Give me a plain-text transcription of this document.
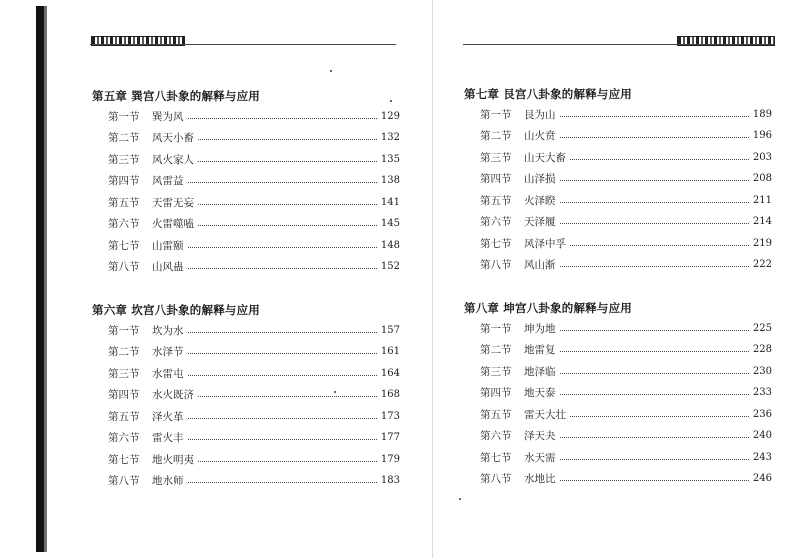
第五章 巽宫八卦象的解释与应用
第一节	巽为风	129
第二节	风天小畜	132
第三节	风火家人	135
第四节	风雷益	138
第五节	天雷无妄	141
第六节	火雷噬嗑	145
第七节	山雷颐	148
第八节	山风蛊	152
第六章 坎宫八卦象的解释与应用
第一节	坎为水	157
第二节	水泽节	161
第三节	水雷屯	164
第四节	水火既济	168
第五节	泽火革	173
第六节	雷火丰	177
第七节	地火明夷	179
第八节	地水师	183
第七章 艮宫八卦象的解释与应用
第一节	艮为山	189
第二节	山火贲	196
第三节	山天大畜	203
第四节	山泽损	208
第五节	火泽睽	211
第六节	天泽履	214
第七节	风泽中孚	219
第八节	风山渐	222
第八章 坤宫八卦象的解释与应用
第一节	坤为地	225
第二节	地雷复	228
第三节	地泽临	230
第四节	地天泰	233
第五节	雷天大壮	236
第六节	泽天夬	240
第七节	水天需	243
第八节	水地比	246
